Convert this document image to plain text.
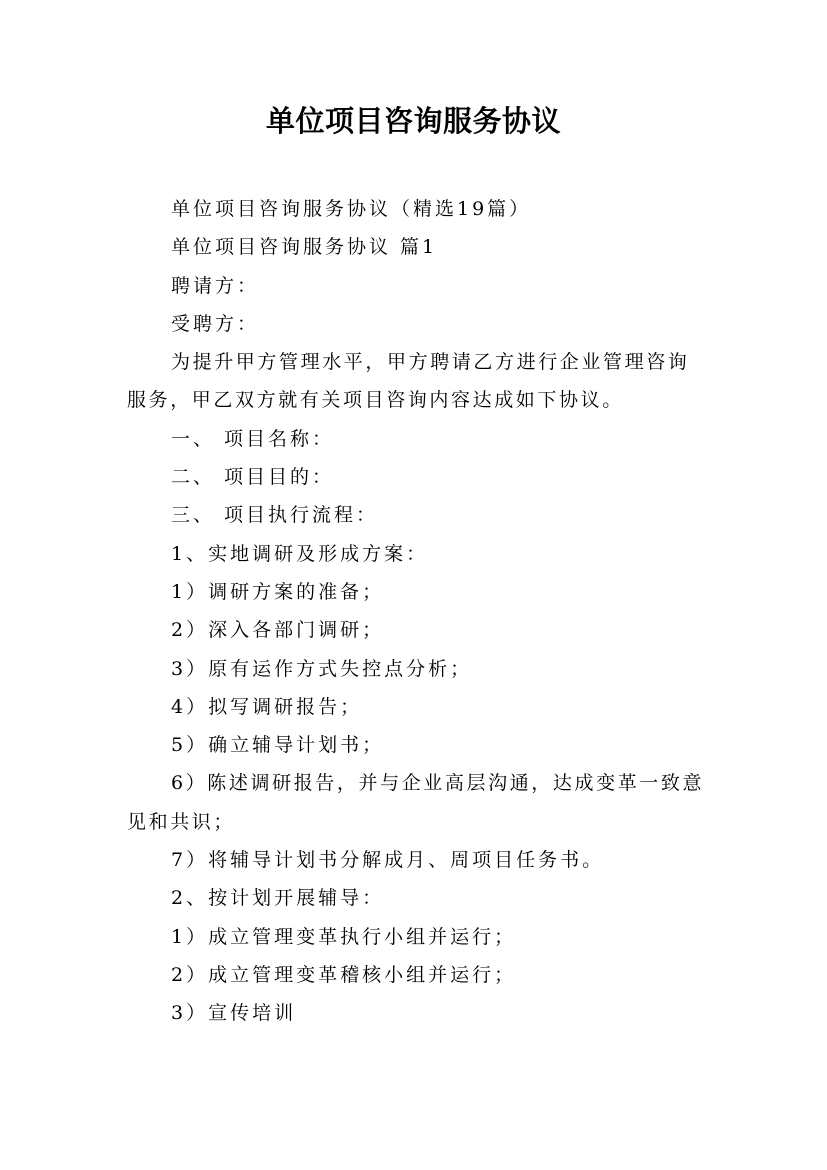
单位项目咨询服务协议

单位项目咨询服务协议（精选19篇）

单位项目咨询服务协议 篇1

聘请方：

受聘方：

为提升甲方管理水平，甲方聘请乙方进行企业管理咨询服务，甲乙双方就有关项目咨询内容达成如下协议。

一、 项目名称：

二、 项目目的：

三、 项目执行流程：

1、实地调研及形成方案：

1）调研方案的准备；

2）深入各部门调研；

3）原有运作方式失控点分析；

4）拟写调研报告；

5）确立辅导计划书；

6）陈述调研报告，并与企业高层沟通，达成变革一致意见和共识；

7）将辅导计划书分解成月、周项目任务书。

2、按计划开展辅导：

1）成立管理变革执行小组并运行；

2）成立管理变革稽核小组并运行；

3）宣传培训
